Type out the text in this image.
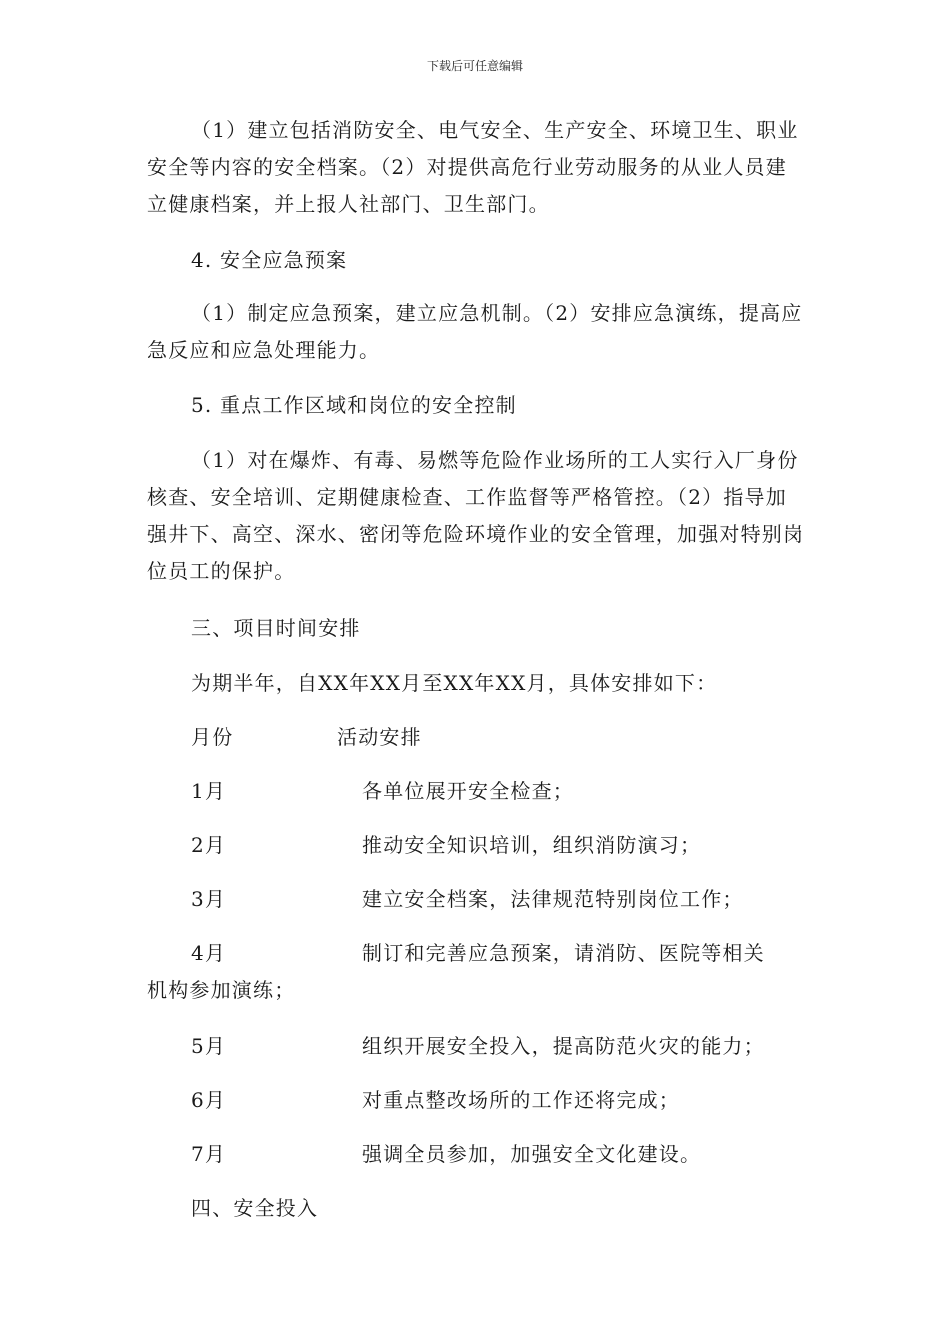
下载后可任意编辑
（1）建立包括消防安全、电气安全、生产安全、环境卫生、职业安全等内容的安全档案。（2）对提供高危行业劳动服务的从业人员建立健康档案，并上报人社部门、卫生部门。
4. 安全应急预案
（1）制定应急预案，建立应急机制。（2）安排应急演练，提高应急反应和应急处理能力。
5. 重点工作区域和岗位的安全控制
（1）对在爆炸、有毒、易燃等危险作业场所的工人实行入厂身份核查、安全培训、定期健康检查、工作监督等严格管控。（2）指导加强井下、高空、深水、密闭等危险环境作业的安全管理，加强对特别岗位员工的保护。
三、项目时间安排
为期半年，自XX年XX月至XX年XX月，具体安排如下：
月份	活动安排
1月	各单位展开安全检查；
2月	推动安全知识培训，组织消防演习；
3月	建立安全档案，法律规范特别岗位工作；
4月	制订和完善应急预案，请消防、医院等相关
机构参加演练；
5月	组织开展安全投入，提高防范火灾的能力；
6月	对重点整改场所的工作还将完成；
7月	强调全员参加，加强安全文化建设。
四、安全投入
